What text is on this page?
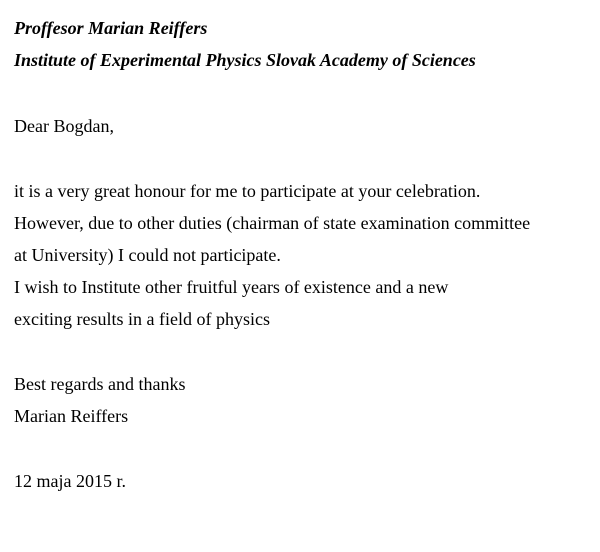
Proffesor Marian Reiffers
Institute of Experimental Physics Slovak Academy of Sciences
Dear Bogdan,
it is a very great honour for me to participate at your celebration.
However, due to other duties (chairman of state examination committee
at University) I could not participate.
I wish to Institute other fruitful years of existence and a new
exciting results in a field of physics
Best regards and thanks
Marian Reiffers
12 maja 2015 r.
